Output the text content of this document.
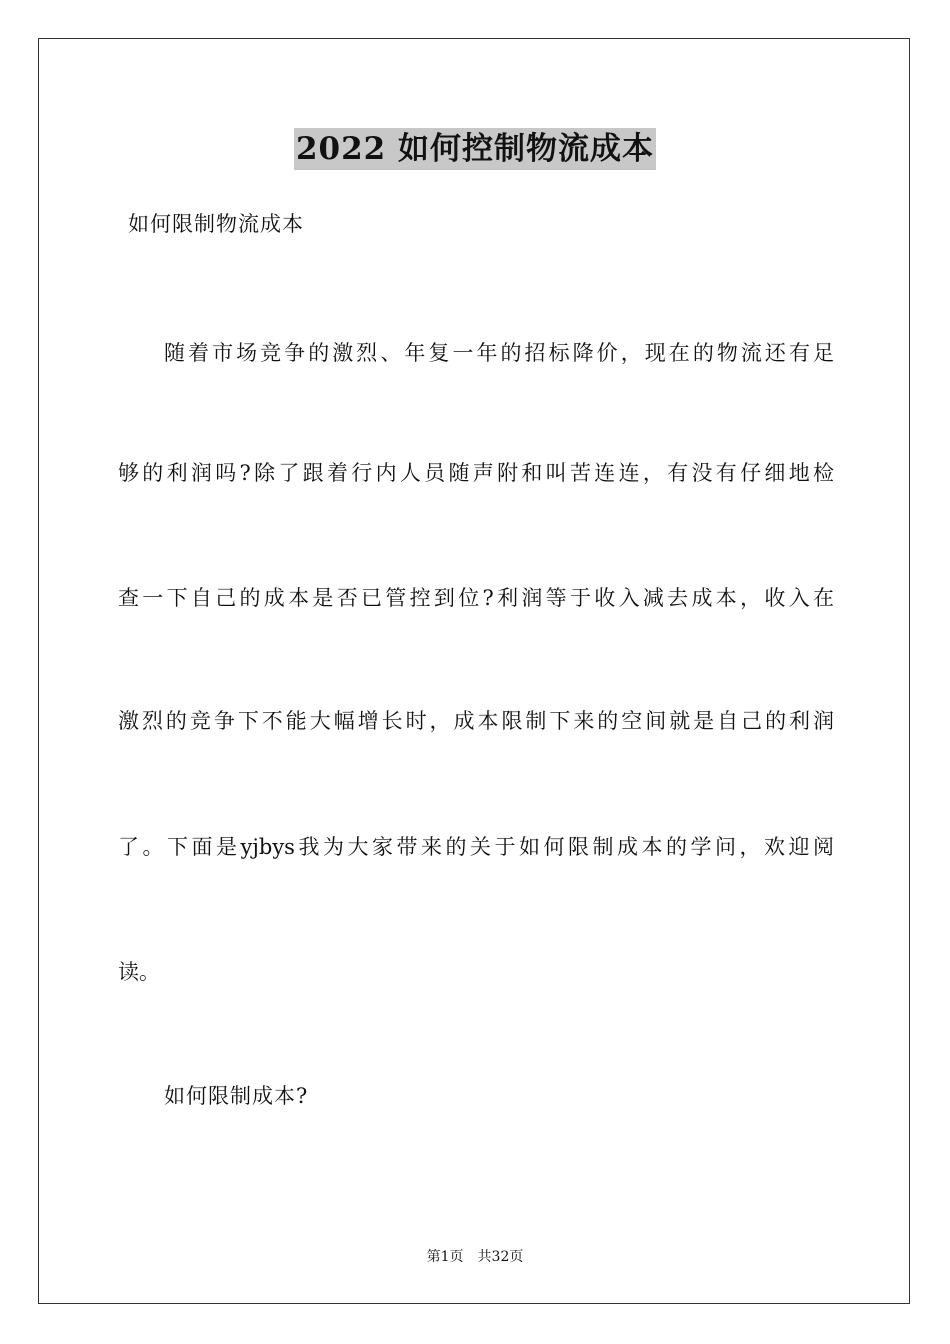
2022 如何控制物流成本
如何限制物流成本
随着市场竞争的激烈、年复一年的招标降价，现在的物流还有足
够的利润吗?除了跟着行内人员随声附和叫苦连连，有没有仔细地检
查一下自己的成本是否已管控到位?利润等于收入减去成本，收入在
激烈的竞争下不能大幅增长时，成本限制下来的空间就是自己的利润
了。下面是yjbys我为大家带来的关于如何限制成本的学问，欢迎阅
读。
如何限制成本?
第1页 共32页
